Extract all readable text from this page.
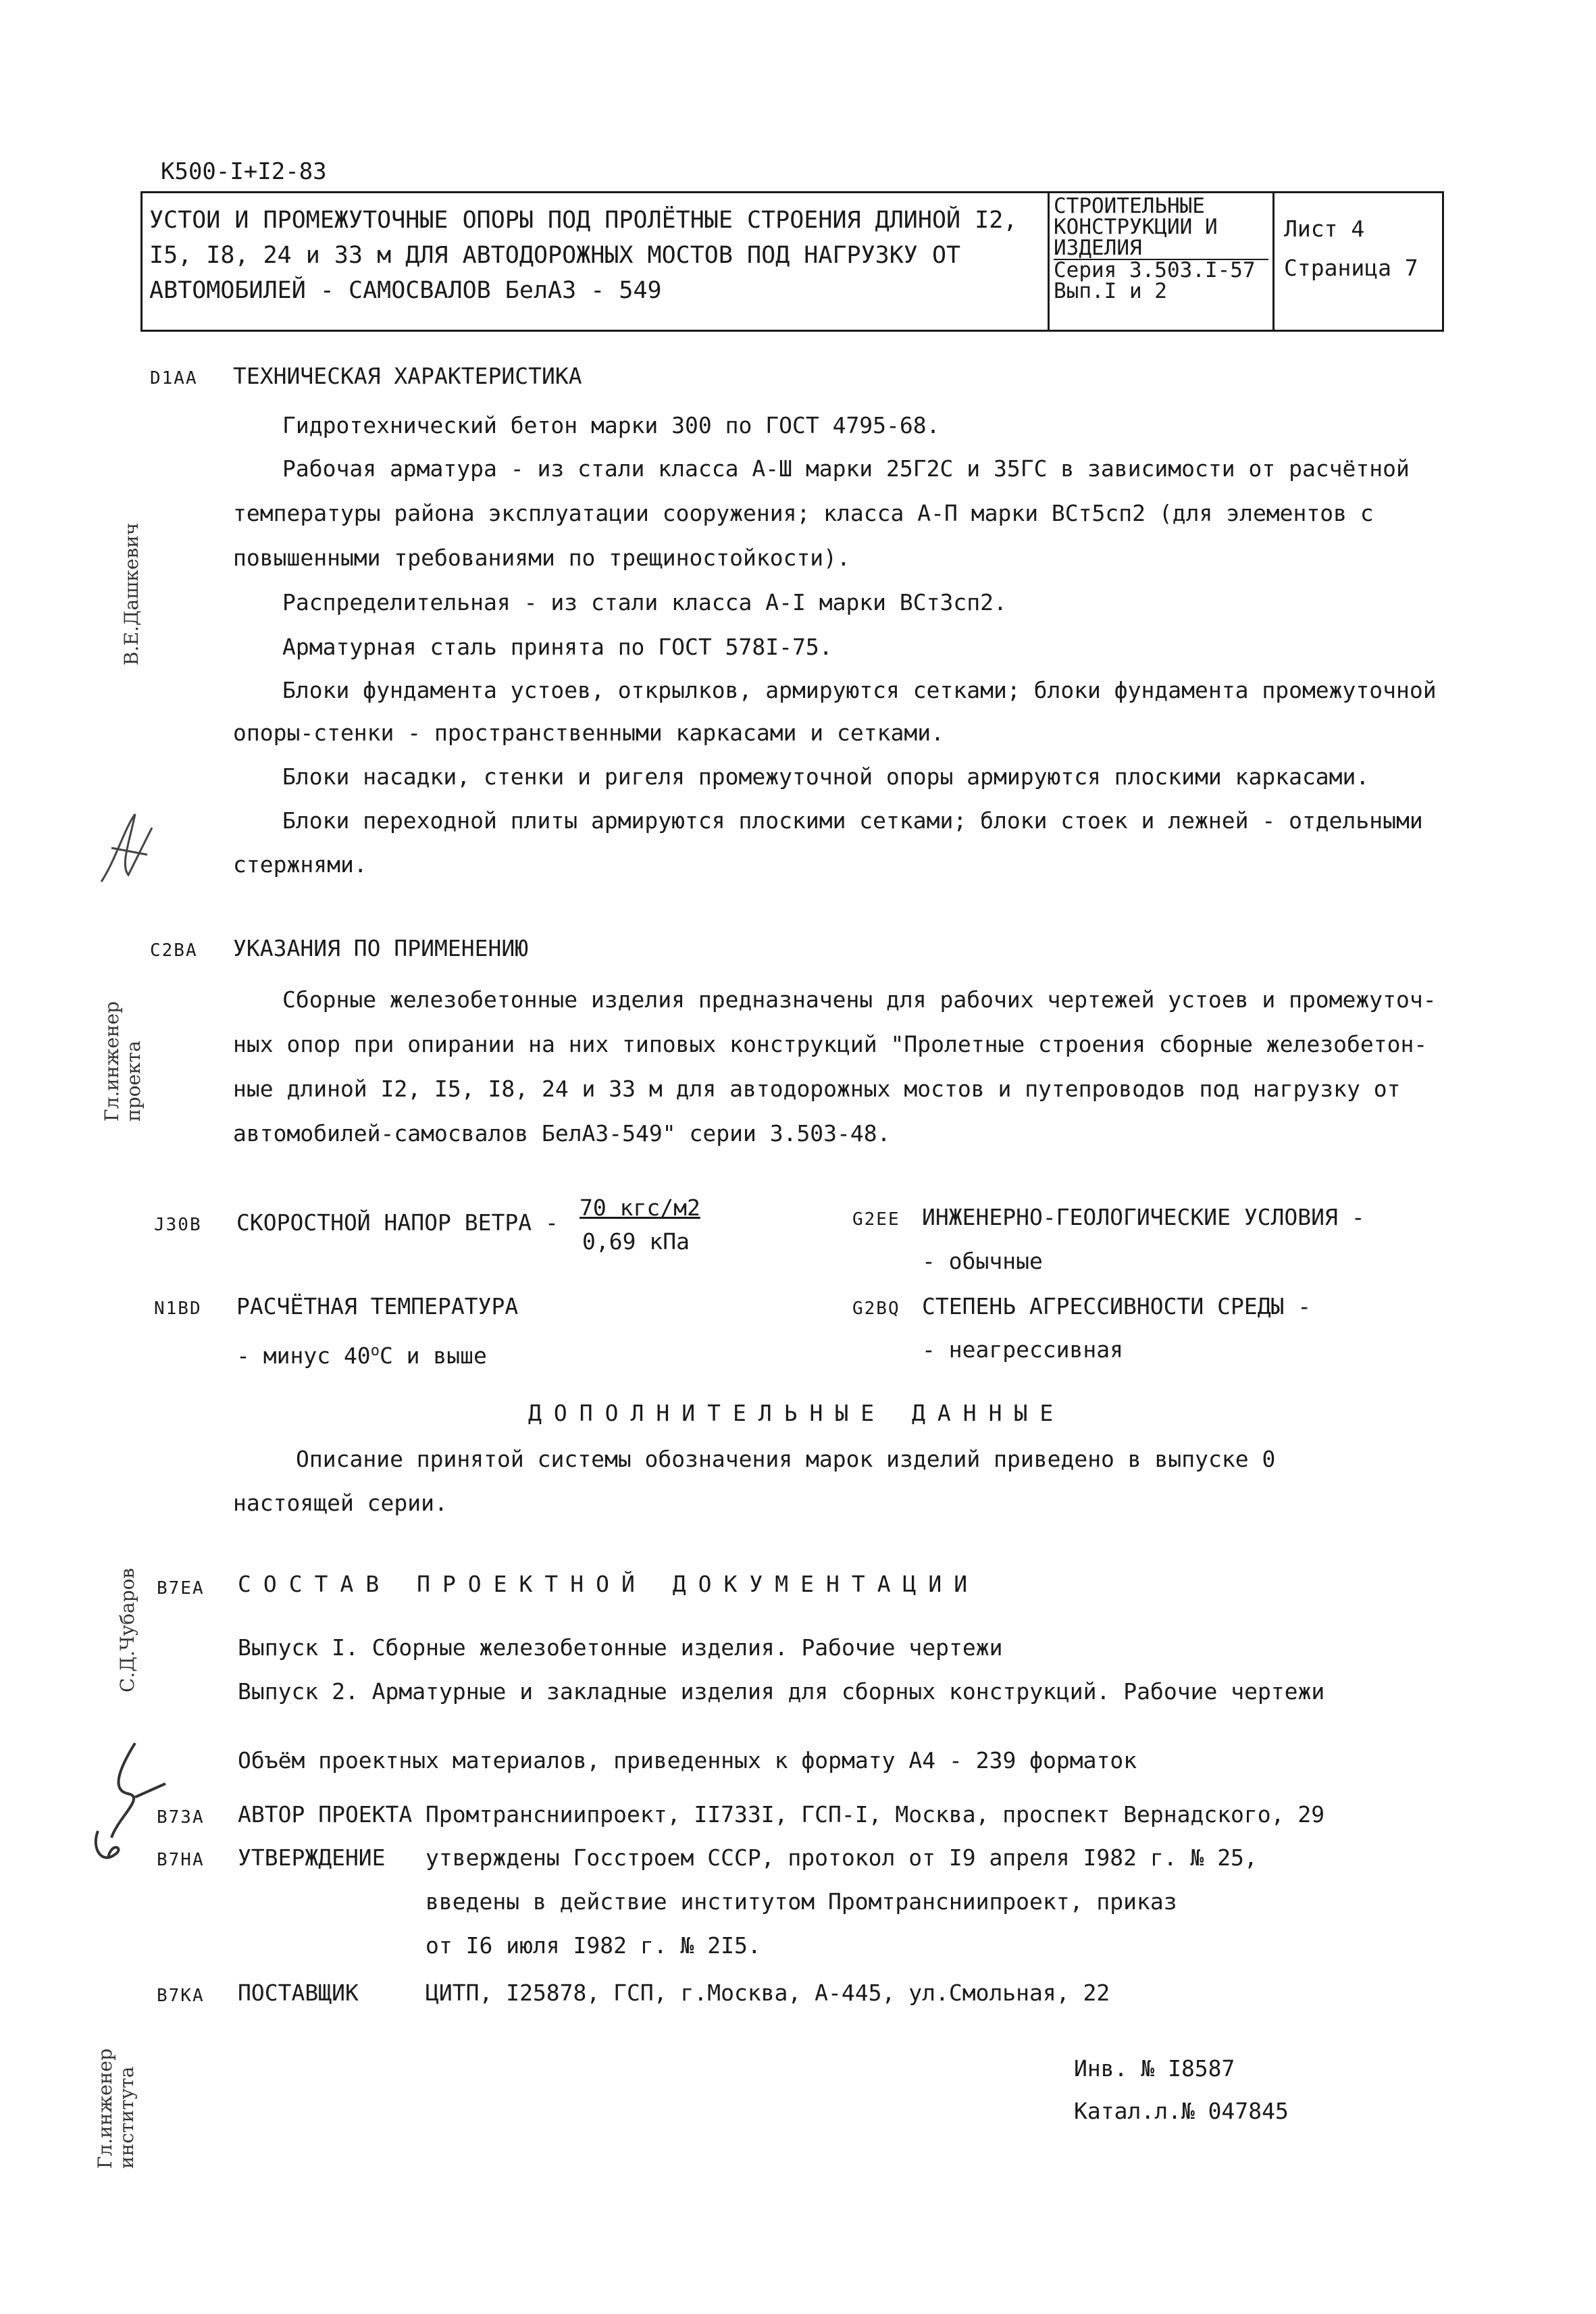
К500-I+I2-83
УСТОИ И ПРОМЕЖУТОЧНЫЕ ОПОРЫ ПОД ПРОЛЁТНЫЕ СТРОЕНИЯ ДЛИНОЙ I2,
I5, I8, 24 и 33 м ДЛЯ АВТОДОРОЖНЫХ МОСТОВ ПОД НАГРУЗКУ ОТ
АВТОМОБИЛЕЙ - САМОСВАЛОВ БелАЗ - 549

СТРОИТЕЛЬНЫЕ
КОНСТРУКЦИИ И
ИЗДЕЛИЯ
Серия 3.503.I-57
Вып.I и 2

Лист 4
Страница 7
В.Е.Дашкевич
Гл.инженер проекта
С.Д.Чубаров
Гл.инженер института
D1AA ТЕХНИЧЕСКАЯ ХАРАКТЕРИСТИКА
Гидротехнический бетон марки 300 по ГОСТ 4795-68.
Рабочая арматура - из стали класса А-Ш марки 25Г2С и 35ГС в зависимости от расчётной
температуры района эксплуатации сооружения; класса А-П марки ВСт5сп2 (для элементов с
повышенными требованиями по трещиностойкости).
Распределительная - из стали класса А-I марки ВСт3сп2.
Арматурная сталь принята по ГОСТ 578I-75.
Блоки фундамента устоев, открылков, армируются сетками; блоки фундамента промежуточной
опоры-стенки - пространственными каркасами и сетками.
Блоки насадки, стенки и ригеля промежуточной опоры армируются плоскими каркасами.
Блоки переходной плиты армируются плоскими сетками; блоки стоек и лежней - отдельными
стержнями.
C2BA УКАЗАНИЯ ПО ПРИМЕНЕНИЮ
Сборные железобетонные изделия предназначены для рабочих чертежей устоев и промежуточ-
ных опор при опирании на них типовых конструкций "Пролетные строения сборные железобетон-
ные длиной I2, I5, I8, 24 и 33 м для автодорожных мостов и путепроводов под нагрузку от
автомобилей-самосвалов БелАЗ-549" серии 3.503-48.
J30B СКОРОСТНОЙ НАПОР ВЕТРА -
70 кгс/м2
0,69 кПа
G2EE ИНЖЕНЕРНО-ГЕОЛОГИЧЕСКИЕ УСЛОВИЯ -
- обычные
N1BD РАСЧЁТНАЯ ТЕМПЕРАТУРА
- минус $40^оС$ и выше
G2BQ СТЕПЕНЬ АГРЕССИВНОСТИ СРЕДЫ -
- неагрессивная
ДОПОЛНИТЕЛЬНЫЕ ДАННЫЕ
Описание принятой системы обозначения марок изделий приведено в выпуске 0
настоящей серии.
B7EA СОСТАВ ПРОЕКТНОЙ ДОКУМЕНТАЦИИ
Выпуск I. Сборные железобетонные изделия. Рабочие чертежи
Выпуск 2. Арматурные и закладные изделия для сборных конструкций. Рабочие чертежи
Объём проектных материалов, приведенных к формату А4 - 239 форматок
B73A АВТОР ПРОЕКТА Промтрансниипроект, II733I, ГСП-I, Москва, проспект Вернадского, 29
B7HA УТВЕРЖДЕНИЕ утверждены Госстроем СССР, протокол от I9 апреля I982 г. № 25,
введены в действие институтом Промтрансниипроект, приказ
от I6 июля I982 г. № 2I5.
B7KA ПОСТАВЩИК	ЦИТП, I25878, ГСП, г.Москва, А-445, ул.Смольная, 22
Инв. № I8587
Катал.л.№ 047845
